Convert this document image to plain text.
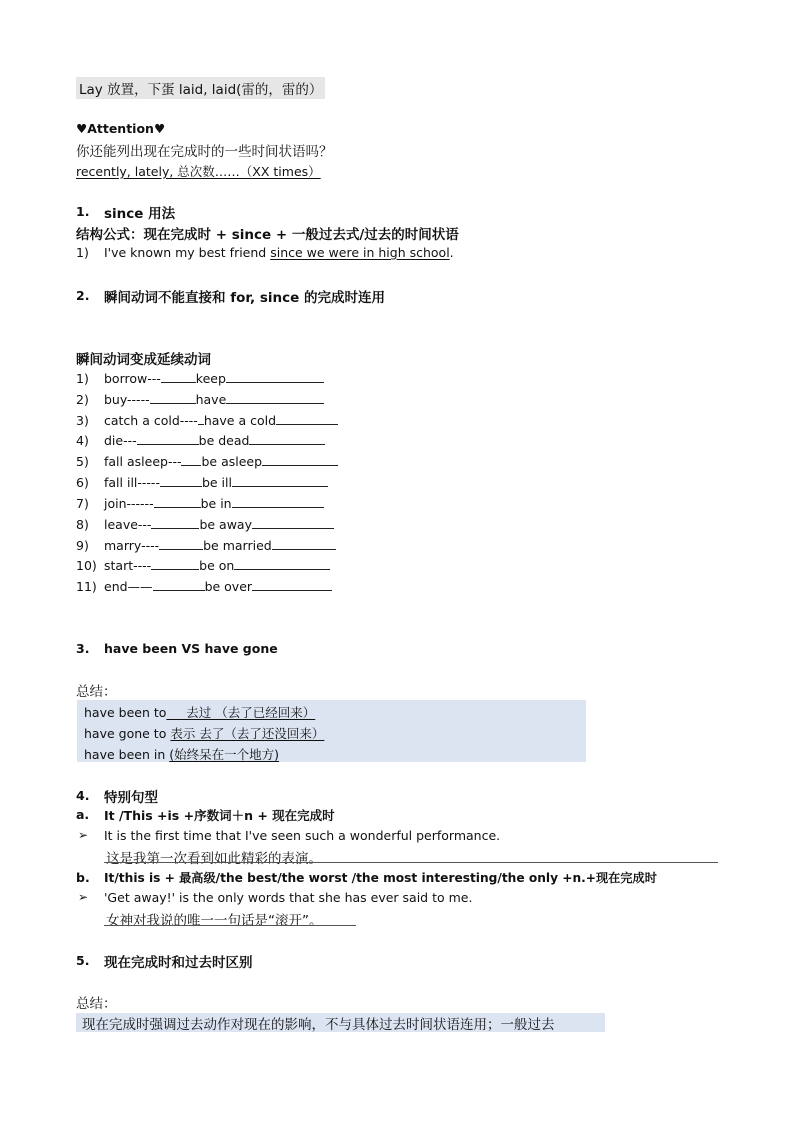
Lay 放置，下蛋 laid, laid(雷的，雷的）
♥Attention♥
你还能列出现在完成时的一些时间状语吗？
recently, lately, 总次数……（XX times）
1. since 用法
结构公式：现在完成时 + since + 一般过去式/过去的时间状语
1) I've known my best friend since we were in high school.
2. 瞬间动词不能直接和 for, since 的完成时连用
瞬间动词变成延续动词
1) borrow---	keep
2) buy-----	have
3) catch a cold---- have a cold
4) die---	be dead
5) fall asleep--- be asleep
6) fall ill-----	be ill
7) join------	be in
8) leave---	be away
9) marry----	be married
10) start----	be on
11) end——	be over
3. have been VS have gone
总结：
have been to     去过 （去了已经回来）
have gone to 表示 去了（去了还没回来）
have been in (始终呆在一个地方)
4. 特别句型
a. It /This +is +序数词＋n + 现在完成时
➢ It is the first time that I've seen such a wonderful performance.
这是我第一次看到如此精彩的表演。
b. It/this is + 最高级/the best/the worst /the most interesting/the only +n.+现在完成时
➢ 'Get away!' is the only words that she has ever said to me.
女神对我说的唯一一句话是“滚开”。
5. 现在完成时和过去时区别
总结：
现在完成时强调过去动作对现在的影响，不与具体过去时间状语连用；一般过去
